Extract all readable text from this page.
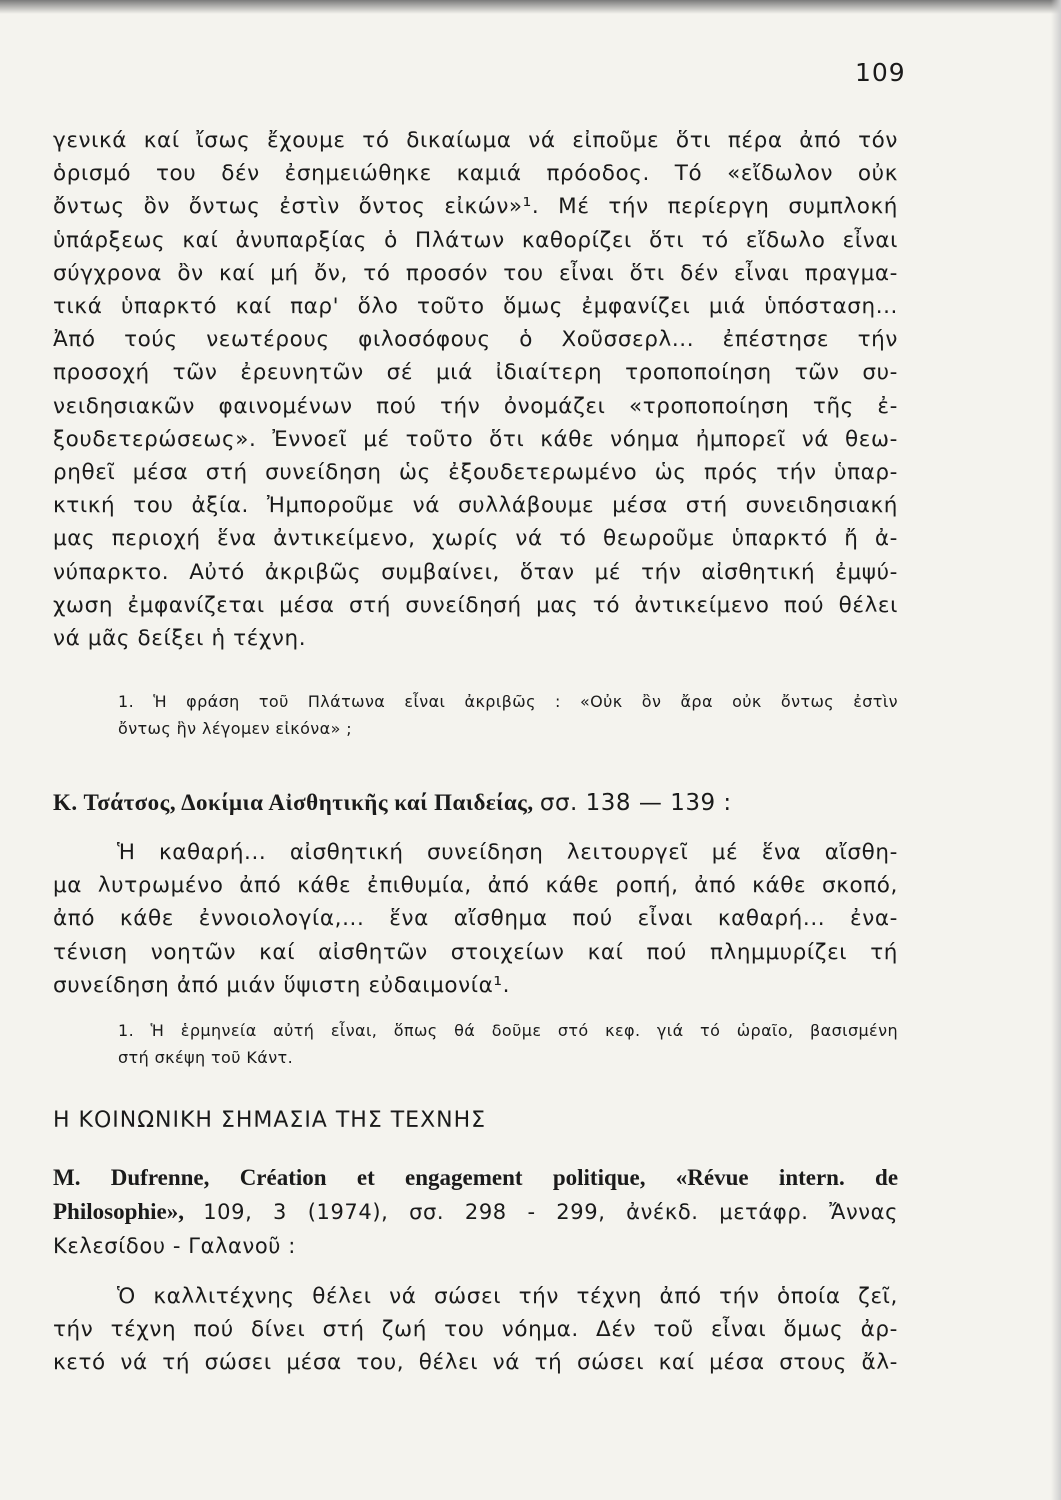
109
γενικά καί ἴσως ἔχουμε τό δικαίωμα νά εἰποῦμε ὅτι πέρα ἀπό τόν
ὁρισμό του δέν ἐσημειώθηκε καμιά πρόοδος. Τό «εἴδωλον οὐκ
ὄντως ὂν ὄντως ἐστὶν ὄντος εἰκών»¹. Μέ τήν περίεργη συμπλοκή
ὑπάρξεως καί ἀνυπαρξίας ὁ Πλάτων καθορίζει ὅτι τό εἴδωλο εἶναι
σύγχρονα ὂν καί μή ὄν, τό προσόν του εἶναι ὅτι δέν εἶναι πραγμα-
τικά ὑπαρκτό καί παρ' ὅλο τοῦτο ὅμως ἐμφανίζει μιά ὑπόσταση...
Ἀπό τούς νεωτέρους φιλοσόφους ὁ Χοῦσσερλ... ἐπέστησε τήν
προσοχή τῶν ἐρευνητῶν σέ μιά ἰδιαίτερη τροποποίηση τῶν συ-
νειδησιακῶν φαινομένων πού τήν ὀνομάζει «τροποποίηση τῆς ἐ-
ξουδετερώσεως». Ἐννοεῖ μέ τοῦτο ὅτι κάθε νόημα ἠμπορεῖ νά θεω-
ρηθεῖ μέσα στή συνείδηση ὡς ἐξουδετερωμένο ὡς πρός τήν ὑπαρ-
κτική του ἀξία. Ἠμποροῦμε νά συλλάβουμε μέσα στή συνειδησιακή
μας περιοχή ἕνα ἀντικείμενο, χωρίς νά τό θεωροῦμε ὑπαρκτό ἤ ἀ-
νύπαρκτο. Αὐτό ἀκριβῶς συμβαίνει, ὅταν μέ τήν αἰσθητική ἐμψύ-
χωση ἐμφανίζεται μέσα στή συνείδησή μας τό ἀντικείμενο πού θέλει
νά μᾶς δείξει ἡ τέχνη.
1. Ἡ φράση τοῦ Πλάτωνα εἶναι ἀκριβῶς : «Οὐκ ὂν ἄρα οὐκ ὄντως ἐστὶν
ὄντως ἣν λέγομεν εἰκόνα» ;
Κ. Τσάτσος, Δοκίμια Αἰσθητικῆς καί Παιδείας, σσ. 138 — 139 :
Ἡ καθαρή... αἰσθητική συνείδηση λειτουργεῖ μέ ἕνα αἴσθη-
μα λυτρωμένο ἀπό κάθε ἐπιθυμία, ἀπό κάθε ροπή, ἀπό κάθε σκοπό,
ἀπό κάθε ἐννοιολογία,... ἕνα αἴσθημα πού εἶναι καθαρή... ἐνα-
τένιση νοητῶν καί αἰσθητῶν στοιχείων καί πού πλημμυρίζει τή
συνείδηση ἀπό μιάν ὕψιστη εὐδαιμονία¹.
1. Ἡ ἑρμηνεία αὐτή εἶναι, ὅπως θά δοῦμε στό κεφ. γιά τό ὡραῖο, βασισμένη
στή σκέψη τοῦ Κάντ.
Η ΚΟΙΝΩΝΙΚΗ ΣΗΜΑΣΙΑ ΤΗΣ ΤΕΧΝΗΣ
M. Dufrenne, Création et engagement politique, «Révue intern. de
Philosophie», 109, 3 (1974), σσ. 298 - 299, ἀνέκδ. μετάφρ. Ἄννας
Κελεσίδου - Γαλανοῦ :
Ὁ καλλιτέχνης θέλει νά σώσει τήν τέχνη ἀπό τήν ὁποία ζεῖ,
τήν τέχνη πού δίνει στή ζωή του νόημα. Δέν τοῦ εἶναι ὅμως ἀρ-
κετό νά τή σώσει μέσα του, θέλει νά τή σώσει καί μέσα στους ἄλ-
